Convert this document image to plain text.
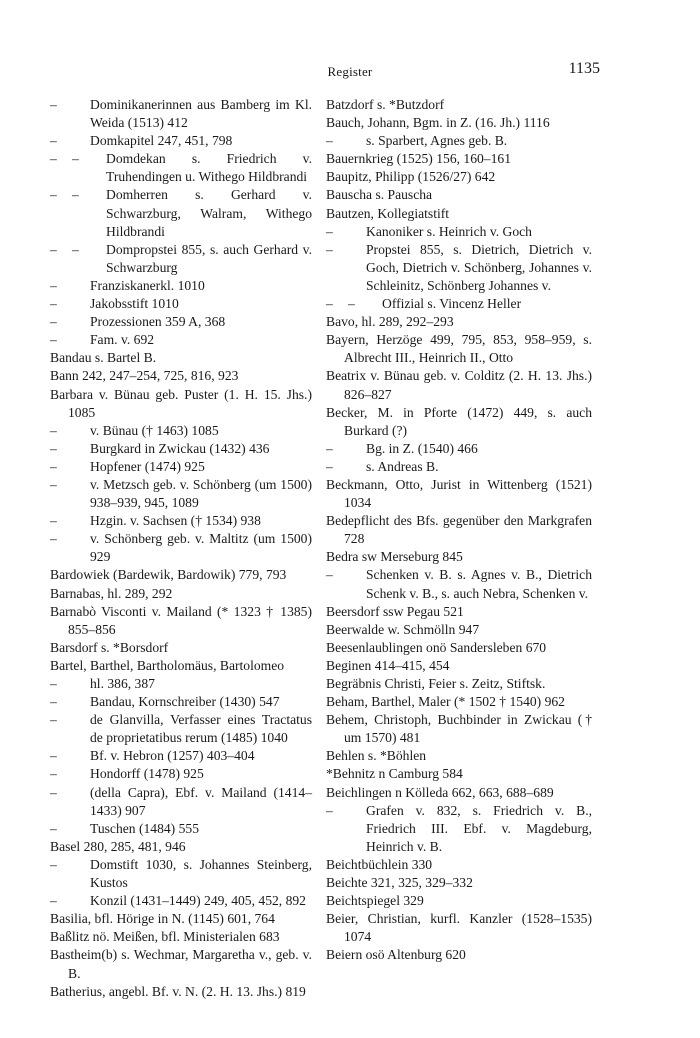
Register	1135
– Dominikanerinnen aus Bamberg im Kl. Weida (1513) 412
– Domkapitel 247, 451, 798
– – Domdekan s. Friedrich v. Truhendingen u. Withego Hildbrandi
– – Domherren s. Gerhard v. Schwarzburg, Walram, Withego Hildbrandi
– – Dompropstei 855, s. auch Gerhard v. Schwarzburg
– Franziskanerkl. 1010
– Jakobsstift 1010
– Prozessionen 359 A, 368
– Fam. v. 692
Bandau s. Bartel B.
Bann 242, 247–254, 725, 816, 923
Barbara v. Bünau geb. Puster (1. H. 15. Jhs.) 1085
– v. Bünau († 1463) 1085
– Burgkard in Zwickau (1432) 436
– Hopfener (1474) 925
– v. Metzsch geb. v. Schönberg (um 1500) 938–939, 945, 1089
– Hzgin. v. Sachsen († 1534) 938
– v. Schönberg geb. v. Maltitz (um 1500) 929
Bardowiek (Bardewik, Bardowik) 779, 793
Barnabas, hl. 289, 292
Barnabò Visconti v. Mailand (* 1323 † 1385) 855–856
Barsdorf s. *Borsdorf
Bartel, Barthel, Bartholomäus, Bartolomeo
– hl. 386, 387
– Bandau, Kornschreiber (1430) 547
– de Glanvilla, Verfasser eines Tractatus de proprietatibus rerum (1485) 1040
– Bf. v. Hebron (1257) 403–404
– Hondorff (1478) 925
– (della Capra), Ebf. v. Mailand (1414–1433) 907
– Tuschen (1484) 555
Basel 280, 285, 481, 946
– Domstift 1030, s. Johannes Steinberg, Kustos
– Konzil (1431–1449) 249, 405, 452, 892
Basilia, bfl. Hörige in N. (1145) 601, 764
Baßlitz nö. Meißen, bfl. Ministerialen 683
Bastheim(b) s. Wechmar, Margaretha v., geb. v. B.
Batherius, angebl. Bf. v. N. (2. H. 13. Jhs.) 819
Batzdorf s. *Butzdorf
Bauch, Johann, Bgm. in Z. (16. Jh.) 1116
– s. Sparbert, Agnes geb. B.
Bauernkrieg (1525) 156, 160–161
Baupitz, Philipp (1526/27) 642
Bauscha s. Pauscha
Bautzen, Kollegiatstift
– Kanoniker s. Heinrich v. Goch
– Propstei 855, s. Dietrich, Dietrich v. Goch, Dietrich v. Schönberg, Johannes v. Schleinitz, Schönberg Johannes v.
– – Offizial s. Vincenz Heller
Bavo, hl. 289, 292–293
Bayern, Herzöge 499, 795, 853, 958–959, s. Albrecht III., Heinrich II., Otto
Beatrix v. Bünau geb. v. Colditz (2. H. 13. Jhs.) 826–827
Becker, M. in Pforte (1472) 449, s. auch Burkard (?)
– Bg. in Z. (1540) 466
– s. Andreas B.
Beckmann, Otto, Jurist in Wittenberg (1521) 1034
Bedepflicht des Bfs. gegenüber den Markgrafen 728
Bedra sw Merseburg 845
– Schenken v. B. s. Agnes v. B., Dietrich Schenk v. B., s. auch Nebra, Schenken v.
Beersdorf ssw Pegau 521
Beerwalde w. Schmölln 947
Beesenlaublingen onö Sandersleben 670
Beginen 414–415, 454
Begräbnis Christi, Feier s. Zeitz, Stiftsk.
Beham, Barthel, Maler (* 1502 † 1540) 962
Behem, Christoph, Buchbinder in Zwickau († um 1570) 481
Behlen s. *Böhlen
*Behnitz n Camburg 584
Beichlingen n Kölleda 662, 663, 688–689
– Grafen v. 832, s. Friedrich v. B., Friedrich III. Ebf. v. Magdeburg, Heinrich v. B.
Beichtbüchlein 330
Beichte 321, 325, 329–332
Beichtspiegel 329
Beier, Christian, kurfl. Kanzler (1528–1535) 1074
Beiern osö Altenburg 620
